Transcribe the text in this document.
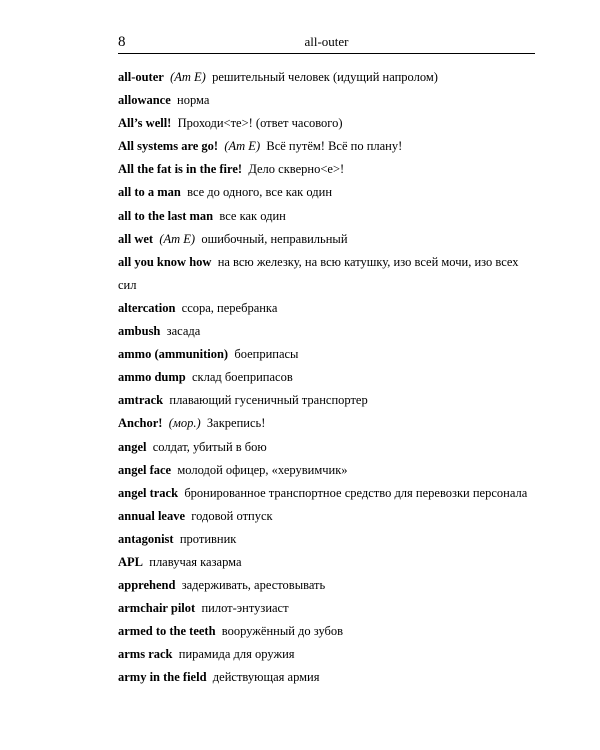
8	all-outer

all-outer (Am E) решительный человек (идущий напролом)

allowance норма

All’s well! Проходи<те>! (ответ часового)

All systems are go! (Am E) Всё путём! Всё по плану!

All the fat is in the fire! Дело скверно<е>!

all to a man все до одного, все как один

all to the last man все как один

all wet (Am E) ошибочный, неправильный

all you know how на всю железку, на всю катушку, изо всей мочи, изо всех сил

altercation ссора, перебранка

ambush засада

ammo (ammunition) боеприпасы

ammo dump склад боеприпасов

amtrack плавающий гусеничный транспортер

Anchor! (мор.) Закрепись!

angel солдат, убитый в бою

angel face молодой офицер, «херувимчик»

angel track бронированное транспортное средство для перевозки персонала

annual leave годовой отпуск

antagonist противник

APL плавучая казарма

apprehend задерживать, арестовывать

armchair pilot пилот-энтузиаст

armed to the teeth вооружённый до зубов

arms rack пирамида для оружия

army in the field действующая армия
